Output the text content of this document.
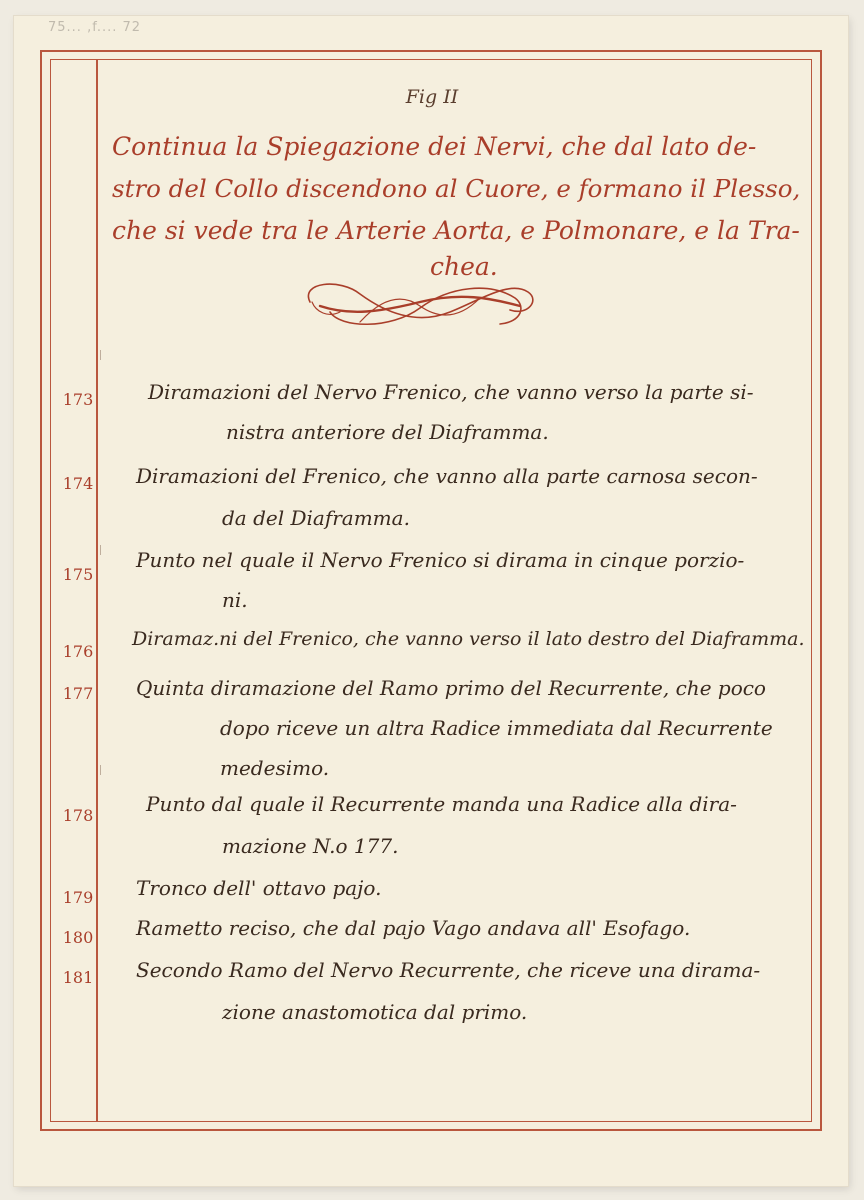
75... ,f.... 72
Fig II
Continua la Spiegazione dei Nervi, che dal lato de-
stro del Collo discendono al Cuore, e formano il Plesso,
che si vede tra le Arterie Aorta, e Polmonare, e la Tra-
chea.
173	Diramazioni del Nervo Frenico, che vanno verso la parte si-
nistra anteriore del Diaframma.
174 Diramazioni del Frenico, che vanno alla parte carnosa secon-
da del Diaframma.
175
Punto nel quale il Nervo Frenico si dirama in cinque porzio-
ni.
176
Diramaz.ni del Frenico, che vanno verso il lato destro del Diaframma.
177 Quinta diramazione del Ramo primo del Recurrente, che poco
dopo riceve un altra Radice immediata dal Recurrente
medesimo.
178	Punto dal quale il Recurrente manda una Radice alla dira-
mazione N.o 177.
179 Tronco dell' ottavo pajo.
180 Rametto reciso, che dal pajo Vago andava all' Esofago.
181 Secondo Ramo del Nervo Recurrente, che riceve una dirama-
zione anastomotica dal primo.
